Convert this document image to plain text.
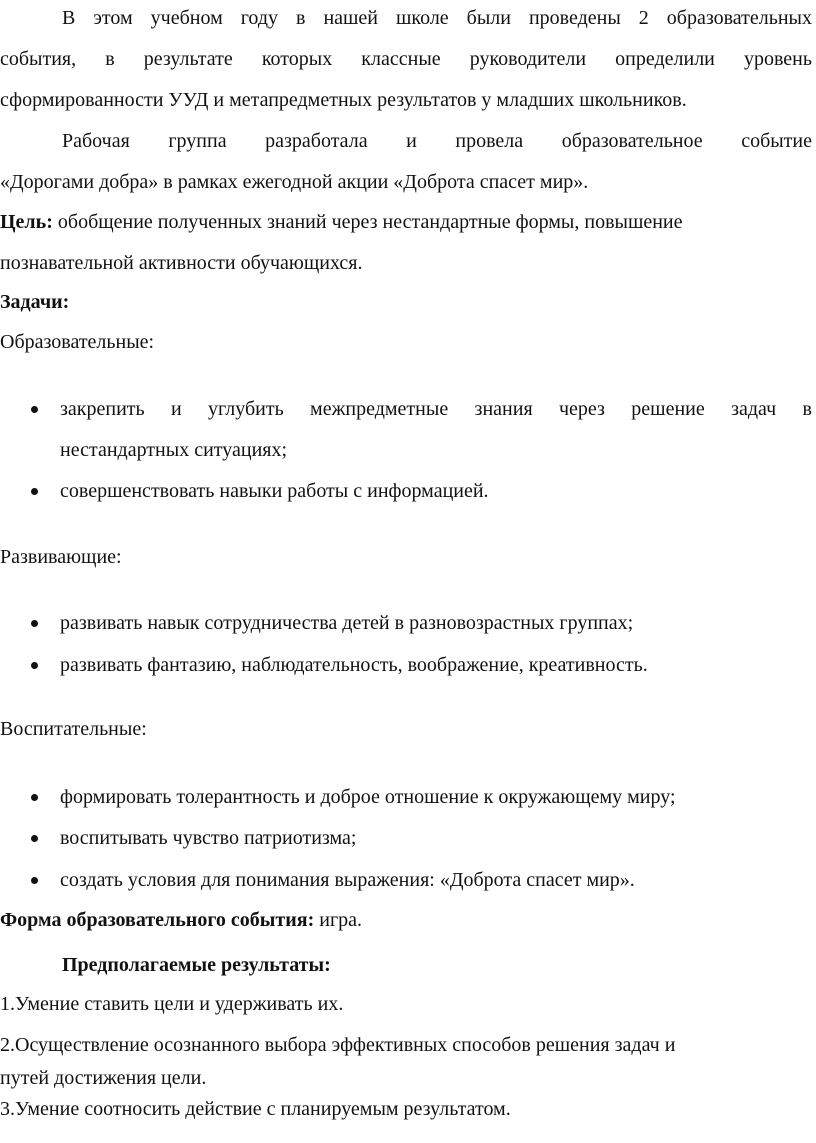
В этом учебном году в нашей школе были проведены 2 образовательных
события, в результате которых классные руководители определили уровень
сформированности УУД и метапредметных результатов у младших школьников.
Рабочая группа разработала и провела образовательное событие
«Дорогами добра» в рамках ежегодной акции «Доброта спасет мир».
Цель: обобщение полученных знаний через нестандартные формы, повышение
познавательной активности обучающихся.
Задачи:
Образовательные:
закрепить и углубить межпредметные знания через решение задач в
нестандартных ситуациях;
совершенствовать навыки работы с информацией.
Развивающие:
развивать навык сотрудничества детей в разновозрастных группах;
развивать фантазию, наблюдательность, воображение, креативность.
Воспитательные:
формировать толерантность и доброе отношение к окружающему миру;
воспитывать чувство патриотизма;
создать условия для понимания выражения: «Доброта спасет мир».
Форма образовательного события: игра.
Предполагаемые результаты:
1.Умение ставить цели и удерживать их.
2.Осуществление осознанного выбора эффективных способов решения задач и
путей достижения цели.
3.Умение соотносить действие с планируемым результатом.
